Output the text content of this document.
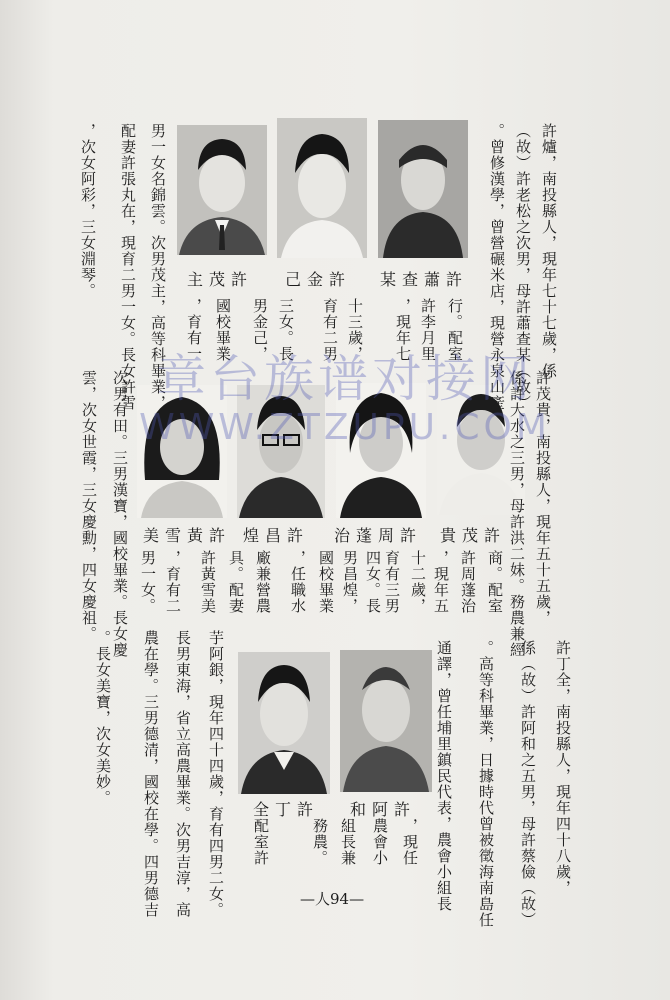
許爐，南投縣人，現年七十七歲，係
（故）許老松之次男，母許蕭查某（故）
。曾修漢學，曾營碾米店，現營永泉山產
行。配室
許李月里
，現年七
十三歲，
育有二男
三女。長
男金己，
國校畢業
，育有一
男一女名錦雲。次男茂主，高等科畢業，
配妻許張丸在，現育二男一女。長女許雪
，次女阿彩，三女淵琴。
許茂貴，南投縣人，現年五十五歲，
係許大水之三男，母許洪二妹。務農兼經
商。配室
許周蓬治
，現年五
十二歲，
育有三男
四女。長
男昌煌，
國校畢業
，任職水
廠兼營農
具。配妻
許黃雪美
，育有二
男一女。
次男有田。三男漢寶，國校畢業。長女慶
雲，次女世霞，三女慶勳，四女慶祖。
許丁全，南投縣人，現年四十八歲，
係（故）許阿和之五男，母許蔡儉（故）
。高等科畢業，日據時代曾被徵海南島任
通譯，曾任埔里鎮民代表，農會小組長
，現任
農會小
組長兼
務農。
配室許
芋阿銀，現年四十四歲，育有四男二女。
長男東海，省立高農畢業。次男吉淳，高
農在學。三男德清，國校在學。四男德吉
。長女美寶，次女美妙。
某查蕭許
己金許
主茂許
貴茂許
治蓬周許
煌昌許
美雪黃許
和阿許
全丁許
章台族谱对接网
WWW.ZTZUPU.COM
—人94—
